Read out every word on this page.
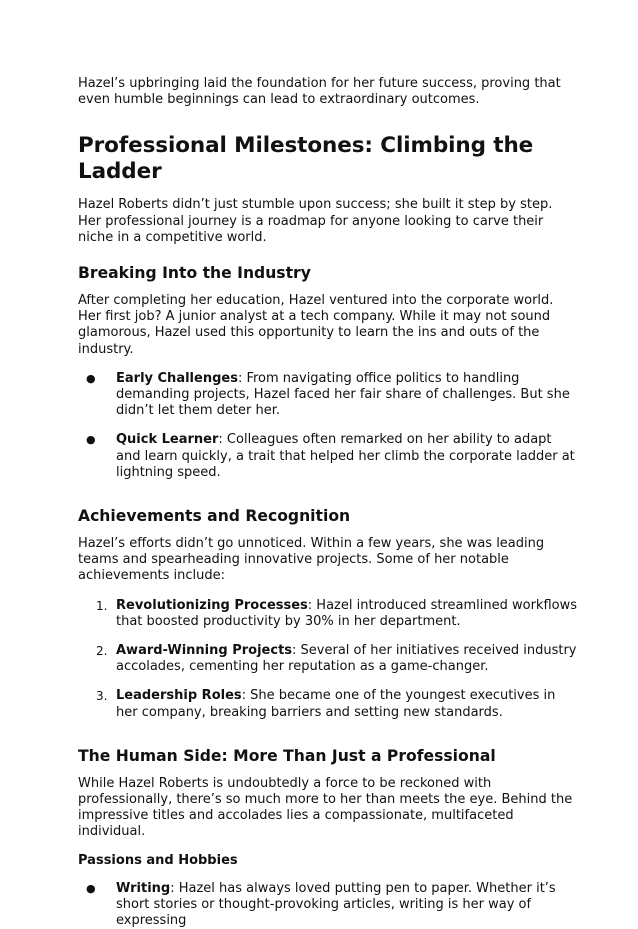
Hazel’s upbringing laid the foundation for her future success, proving that even humble beginnings can lead to extraordinary outcomes.

Professional Milestones: Climbing the Ladder

Hazel Roberts didn’t just stumble upon success; she built it step by step. Her professional journey is a roadmap for anyone looking to carve their niche in a competitive world.

Breaking Into the Industry

After completing her education, Hazel ventured into the corporate world. Her first job? A junior analyst at a tech company. While it may not sound glamorous, Hazel used this opportunity to learn the ins and outs of the industry.

● Early Challenges: From navigating office politics to handling demanding projects, Hazel faced her fair share of challenges. But she didn’t let them deter her.
● Quick Learner: Colleagues often remarked on her ability to adapt and learn quickly, a trait that helped her climb the corporate ladder at lightning speed.
Achievements and Recognition

Hazel’s efforts didn’t go unnoticed. Within a few years, she was leading teams and spearheading innovative projects. Some of her notable achievements include:

1. Revolutionizing Processes: Hazel introduced streamlined workflows that boosted productivity by 30% in her department.
2. Award-Winning Projects: Several of her initiatives received industry accolades, cementing her reputation as a game-changer.
3. Leadership Roles: She became one of the youngest executives in her company, breaking barriers and setting new standards.
The Human Side: More Than Just a Professional

While Hazel Roberts is undoubtedly a force to be reckoned with professionally, there’s so much more to her than meets the eye. Behind the impressive titles and accolades lies a compassionate, multifaceted individual.

Passions and Hobbies
● Writing: Hazel has always loved putting pen to paper. Whether it’s short stories or thought-provoking articles, writing is her way of expressing
